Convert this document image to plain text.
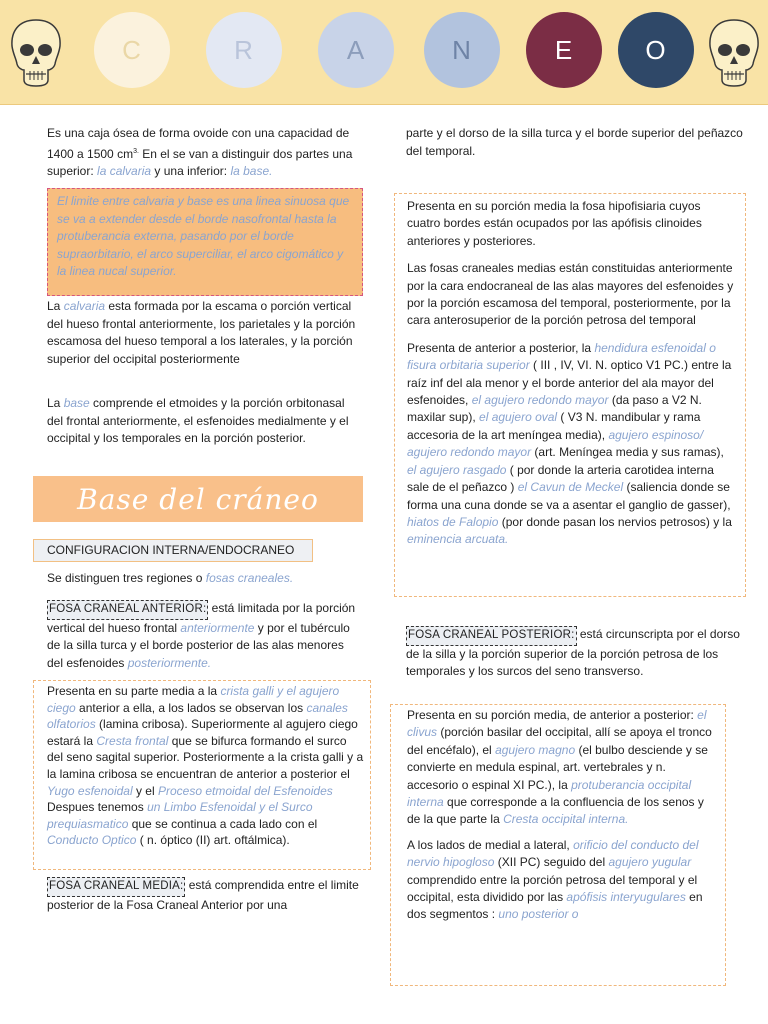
C	R	A	N	E	O

Es una caja ósea de forma ovoide con una capacidad de 1400 a 1500 $cm^{3.}$ En el se van a distinguir dos partes una superior: la calvaria y una inferior: la base.

El limite entre calvaria y base es una linea sinuosa que se va a extender desde el borde nasofrontal hasta la protuberancia externa, pasando por el borde supraorbitario, el arco superciliar, el arco cigomático y la linea nucal superior.

La calvaria esta formada por la escama o porción vertical del hueso frontal anteriormente, los parietales y la porción escamosa del hueso temporal a los laterales, y la porción superior del occipital posteriormente

La base comprende el etmoides y la porción orbitonasal del frontal anteriormente, el esfenoides medialmente y el occipital y los temporales en la porción posterior.

Base del cráneo
CONFIGURACION INTERNA/ENDOCRANEO

Se distinguen tres regiones o fosas craneales.

FOSA CRANEAL ANTERIOR: está limitada por la porción vertical del hueso frontal anteriormente y por el tubérculo de la silla turca y el borde posterior de las alas menores del esfenoides posteriormente.

Presenta en su parte media a la crista galli y el agujero ciego anterior a ella, a los lados se observan los canales olfatorios (lamina cribosa). Superiormente al agujero ciego estará la Cresta frontal que se bifurca formando el surco del seno sagital superior. Posteriormente a la crista galli y a la lamina cribosa se encuentran de anterior a posterior el Yugo esfenoidal y el Proceso etmoidal del Esfenoides
Despues tenemos un Limbo Esfenoidal y el Surco prequiasmatico que se continua a cada lado con el Conducto Optico ( n. óptico (II) art. oftálmica).

FOSA CRANEAL MEDIA: está comprendida entre el limite posterior de la Fosa Craneal Anterior por una

parte y el dorso de la silla turca y el borde superior del peñazco del temporal.

Presenta en su porción media la fosa hipofisiaria cuyos cuatro bordes están ocupados por las apófisis clinoides anteriores y posteriores.

Las fosas craneales medias están constituidas anteriormente por la cara endocraneal de las alas mayores del esfenoides y por la porción escamosa del temporal, posteriormente, por la cara anterosuperior de la porción petrosa del temporal

Presenta de anterior a posterior, la hendidura esfenoidal o fisura orbitaria superior ( III , IV, VI. N. optico V1 PC.) entre la raíz inf del ala menor y el borde anterior del ala mayor del esfenoides, el agujero redondo mayor (da paso a V2 N. maxilar sup), el agujero oval ( V3 N. mandibular y rama accesoria de la art meníngea media), agujero espinoso/ agujero redondo mayor (art. Meníngea media y sus ramas), el agujero rasgado ( por donde la arteria carotidea interna sale de el peñazco ) el Cavun de Meckel (saliencia donde se forma una cuna donde se va a asentar el ganglio de gasser), hiatos de Falopio (por donde pasan los nervios petrosos) y la eminencia arcuata.

FOSA CRANEAL POSTERIOR: está circunscripta por el dorso de la silla y la porción superior de la porción petrosa de los temporales y los surcos del seno transverso.

Presenta en su porción media, de anterior a posterior: el clivus (porción basilar del occipital, allí se apoya el tronco del encéfalo), el agujero magno (el bulbo desciende y se convierte en medula espinal, art. vertebrales y n. accesorio o espinal XI PC.), la protuberancia occipital interna que corresponde a la confluencia de los senos y de la que parte la Cresta occipital interna.

A los lados de medial a lateral, orificio del conducto del nervio hipogloso (XII PC) seguido del agujero yugular comprendido entre la porción petrosa del temporal y el occipital, esta dividido por las apófisis interyugulares en dos segmentos : uno posterior o
